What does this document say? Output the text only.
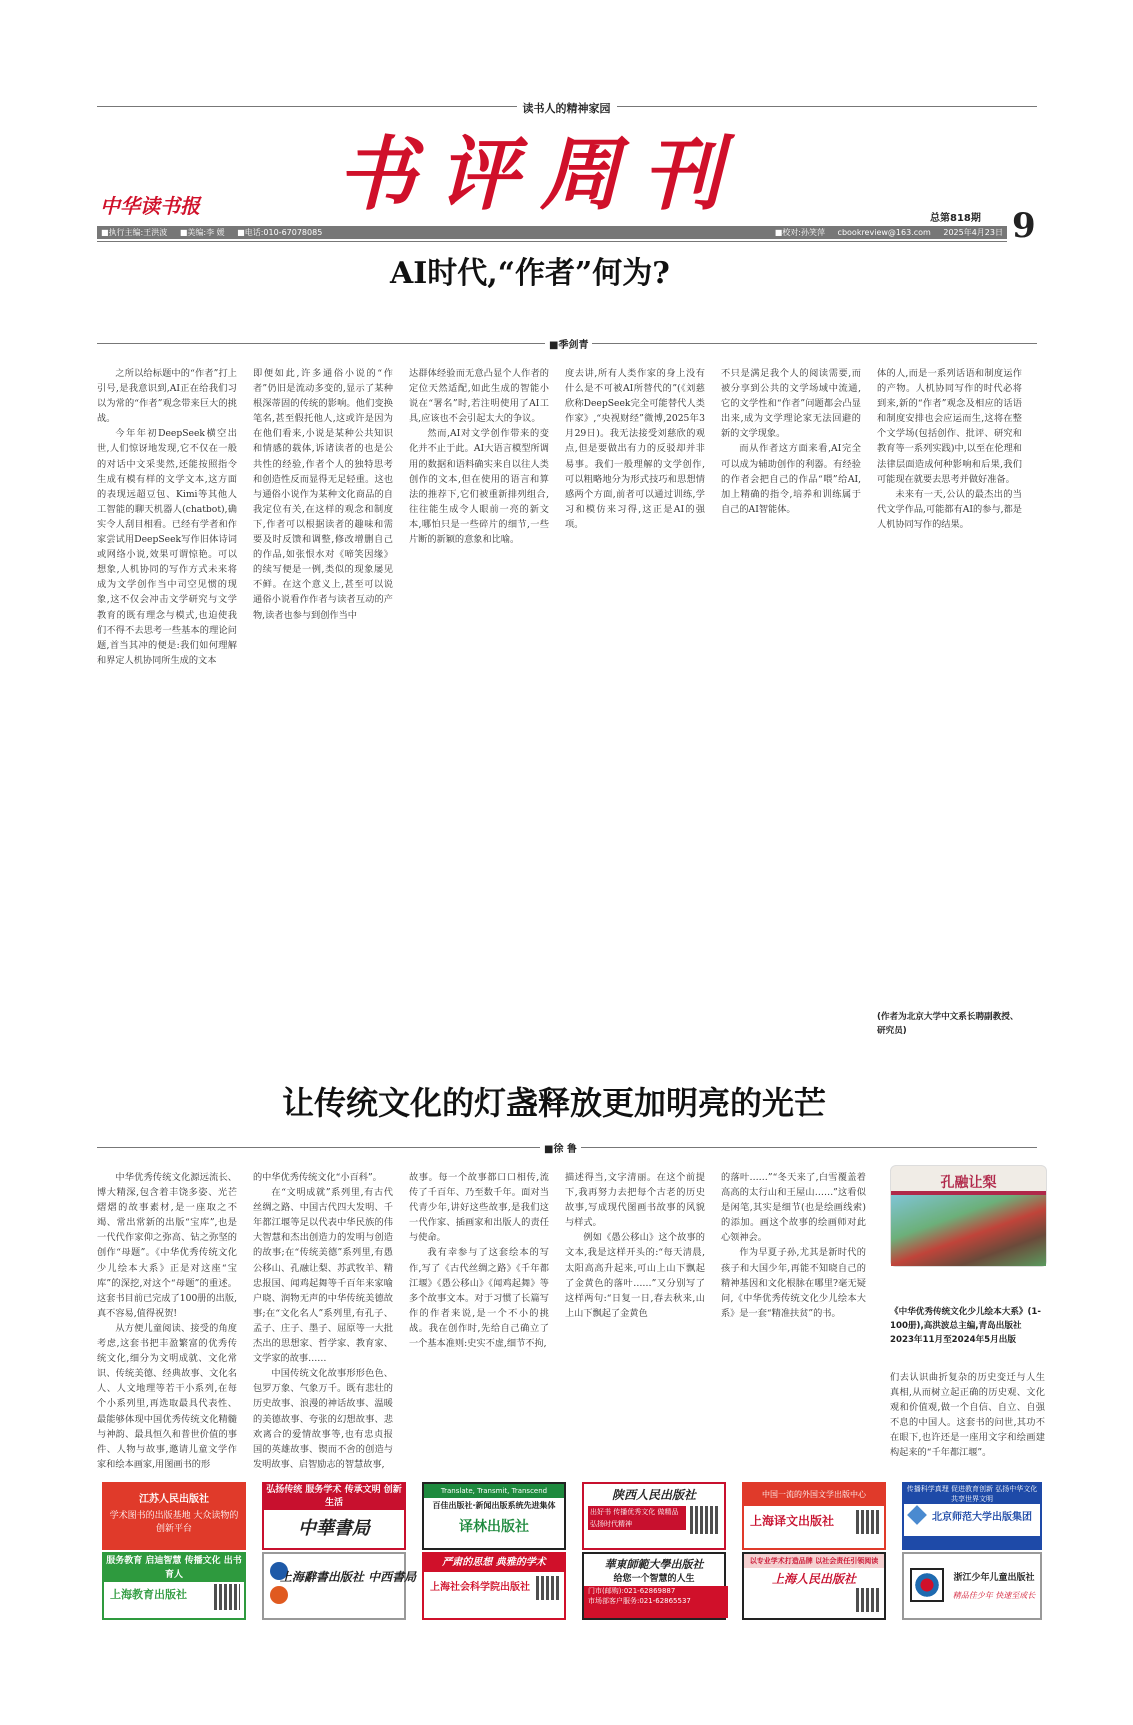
读书人的精神家园
书评周刊
中华读书报
总第818期 9
■执行主编:王洪波 ■美编:李 媛 ■电话:010-67078085	■校对:孙笑萍 cbookreview@163.com 2025年4月23日
AI时代,“作者”何为?
■季剑青

之所以给标题中的“作者”打上引号,是我意识到,AI正在给我们习以为常的“作者”观念带来巨大的挑战。

今年年初DeepSeek横空出世,人们惊讶地发现,它不仅在一般的对话中文采斐然,还能按照指令生成有模有样的文学文本,这方面的表现远超豆包、Kimi等其他人工智能的聊天机器人(chatbot),确实令人刮目相看。已经有学者和作家尝试用DeepSeek写作旧体诗词或网络小说,效果可谓惊艳。可以想象,人机协同的写作方式未来将成为文学创作当中司空见惯的现象,这不仅会冲击文学研究与文学教育的既有理念与模式,也迫使我们不得不去思考一些基本的理论问题,首当其冲的便是:我们如何理解和界定人机协同所生成的文本

即便如此,许多通俗小说的“作者”仍旧是流动多变的,显示了某种根深蒂固的传统的影响。他们变换笔名,甚至假托他人,这或许是因为在他们看来,小说是某种公共知识和情感的载体,诉诸读者的也是公共性的经验,作者个人的独特思考和创造性反而显得无足轻重。这也与通俗小说作为某种文化商品的自我定位有关,在这样的观念和制度下,作者可以根据读者的趣味和需要及时反馈和调整,修改增删自己的作品,如张恨水对《啼笑因缘》的续写便是一例,类似的现象屡见不鲜。在这个意义上,甚至可以说通俗小说看作作者与读者互动的产物,读者也参与到创作当中

达群体经验而无意凸显个人作者的定位天然适配,如此生成的智能小说在“署名”时,若注明使用了AI工具,应该也不会引起太大的争议。

然而,AI对文学创作带来的变化并不止于此。AI大语言模型所调用的数据和语料确实来自以往人类创作的文本,但在使用的语言和算法的推荐下,它们被重新排列组合,往往能生成令人眼前一亮的新文本,哪怕只是一些碎片的细节,一些片断的新颖的意象和比喻。

度去讲,所有人类作家的身上没有什么是不可被AI所替代的”(《刘慈欣称DeepSeek完全可能替代人类作家》,“央视财经”微博,2025年3月29日)。我无法接受刘慈欣的观点,但是要做出有力的反驳却并非易事。我们一般理解的文学创作,可以粗略地分为形式技巧和思想情感两个方面,前者可以通过训练,学习和模仿来习得,这正是AI的强项。

不只是满足我个人的阅读需要,而被分享到公共的文学场域中流通,它的文学性和“作者”问题都会凸显出来,成为文学理论家无法回避的新的文学现象。

而从作者这方面来看,AI完全可以成为辅助创作的利器。有经验的作者会把自己的作品“喂”给AI,加上精确的指令,培养和训练属于自己的AI智能体。

体的人,而是一系列话语和制度运作的产物。人机协同写作的时代必将到来,新的“作者”观念及相应的话语和制度安排也会应运而生,这将在整个文学场(包括创作、批评、研究和教育等一系列实践)中,以至在伦理和法律层面造成何种影响和后果,我们可能现在就要去思考并做好准备。

未来有一天,公认的最杰出的当代文学作品,可能都有AI的参与,都是人机协同写作的结果。

(作者为北京大学中文系长聘副教授、研究员)
让传统文化的灯盏释放更加明亮的光芒
■徐 鲁

中华优秀传统文化源远流长、博大精深,包含着丰饶多姿、光芒熠熠的故事素材,是一座取之不竭、常出常新的出版“宝库”,也是一代代作家仰之弥高、钻之弥坚的创作“母题”。《中华优秀传统文化少儿绘本大系》正是对这座“宝库”的深挖,对这个“母题”的重述。这套书目前已完成了100册的出版,真不容易,值得祝贺!

从方便儿童阅读、接受的角度考虑,这套书把丰盈繁富的优秀传统文化,细分为文明成就、文化常识、传统美德、经典故事、文化名人、人文地理等若干小系列,在每个小系列里,再选取最具代表性、最能够体现中国优秀传统文化精髓与神韵、最具恒久和普世价值的事件、人物与故事,邀请儿童文学作家和绘本画家,用图画书的形

的中华优秀传统文化“小百科”。

在“文明成就”系列里,有古代丝绸之路、中国古代四大发明、千年都江堰等足以代表中华民族的伟大智慧和杰出创造力的发明与创造的故事;在“传统美德”系列里,有愚公移山、孔融让梨、苏武牧羊、精忠报国、闻鸡起舞等千百年来家喻户晓、润物无声的中华传统美德故事;在“文化名人”系列里,有孔子、孟子、庄子、墨子、屈原等一大批杰出的思想家、哲学家、教育家、文学家的故事……

中国传统文化故事形形色色、包罗万象、气象万千。既有悲壮的历史故事、浪漫的神话故事、温暖的美德故事、夸张的幻想故事、悲欢离合的爱情故事等,也有忠贞报国的英雄故事、锲而不舍的创造与发明故事、启智励志的智慧故事,

故事。每一个故事都口口相传,流传了千百年、乃至数千年。面对当代青少年,讲好这些故事,是我们这一代作家、插画家和出版人的责任与使命。

我有幸参与了这套绘本的写作,写了《古代丝绸之路》《千年都江堰》《愚公移山》《闻鸡起舞》等多个故事文本。对于习惯了长篇写作的作者来说,是一个不小的挑战。我在创作时,先给自己确立了一个基本准则:史实不虚,细节不拘,

描述得当,文字清丽。在这个前提下,我再努力去把每个古老的历史故事,写成现代图画书故事的风貌与样式。

例如《愚公移山》这个故事的文本,我是这样开头的:“每天清晨,太阳高高升起来,可山上山下飘起了金黄色的落叶……”又分别写了这样两句:“日复一日,春去秋来,山上山下飘起了金黄色

的落叶……”“冬天来了,白雪覆盖着高高的太行山和王屋山……”这看似是闲笔,其实是细节(也是绘画线索)的添加。画这个故事的绘画师对此心领神会。

作为早夏子孙,尤其是新时代的孩子和大国少年,再能不知晓自己的精神基因和文化根脉在哪里?毫无疑问,《中华优秀传统文化少儿绘本大系》是一套“精准扶贫”的书。

孔融让梨
《中华优秀传统文化少儿绘本大系》(1-100册),高洪波总主编,青岛出版社2023年11月至2024年5月出版

们去认识曲折复杂的历史变迁与人生真相,从而树立起正确的历史观、文化观和价值观,做一个自信、自立、自强不息的中国人。这套书的问世,其功不在眼下,也许还是一座用文字和绘画建构起来的“千年都江堰”。

江苏人民出版社
学术图书的出版基地 大众读物的创新平台
服务教育 启迪智慧 传播文化 出书育人
上海教育出版社
弘扬传统 服务学术 传承文明 创新生活
中華書局
上海辭書出版社 中西書局
Translate, Transmit, Transcend
百佳出版社·新闻出版系统先进集体
译林出版社
严肃的思想 典雅的学术
上海社会科学院出版社
陕西人民出版社
出好书 传播优秀文化 做精品 弘扬时代精神
華東師範大學出版社
给您一个智慧的人生
门市(邮购):021-62869887
市场部客户服务:021-62865537
中国一流的外国文学出版中心
上海译文出版社
以专业学术打造品牌 以社会责任引领阅读
上海人民出版社
传播科学真理 促进教育创新 弘扬中华文化 共享世界文明
北京师范大学出版集团
浙江少年儿童出版社
精品佳少年 快速至成长
